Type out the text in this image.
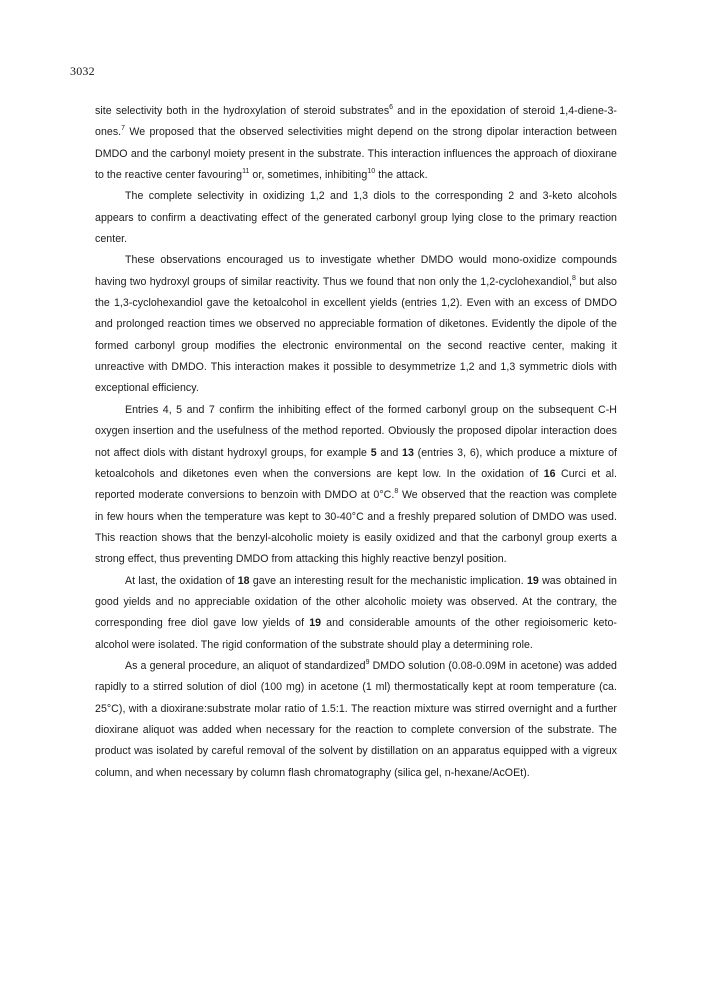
3032

site selectivity both in the hydroxylation of steroid substrates$^6$ and in the epoxidation of steroid 1,4-diene-3-ones.$^7$ We proposed that the observed selectivities might depend on the strong dipolar interaction between DMDO and the carbonyl moiety present in the substrate. This interaction influences the approach of dioxirane to the reactive center favouring$^{11}$ or, sometimes, inhibiting$^{10}$ the attack.

The complete selectivity in oxidizing 1,2 and 1,3 diols to the corresponding 2 and 3-keto alcohols appears to confirm a deactivating effect of the generated carbonyl group lying close to the primary reaction center.

These observations encouraged us to investigate whether DMDO would mono-oxidize compounds having two hydroxyl groups of similar reactivity. Thus we found that non only the 1,2-cyclohexandiol,$^8$ but also the 1,3-cyclohexandiol gave the ketoalcohol in excellent yields (entries 1,2). Even with an excess of DMDO and prolonged reaction times we observed no appreciable formation of diketones. Evidently the dipole of the formed carbonyl group modifies the electronic environmental on the second reactive center, making it unreactive with DMDO. This interaction makes it possible to desymmetrize 1,2 and 1,3 symmetric diols with exceptional efficiency.

Entries 4, 5 and 7 confirm the inhibiting effect of the formed carbonyl group on the subsequent C-H oxygen insertion and the usefulness of the method reported. Obviously the proposed dipolar interaction does not affect diols with distant hydroxyl groups, for example 5 and 13 (entries 3, 6), which produce a mixture of ketoalcohols and diketones even when the conversions are kept low. In the oxidation of 16 Curci et al. reported moderate conversions to benzoin with DMDO at 0°C.$^8$ We observed that the reaction was complete in few hours when the temperature was kept to 30-40°C and a freshly prepared solution of DMDO was used. This reaction shows that the benzyl-alcoholic moiety is easily oxidized and that the carbonyl group exerts a strong effect, thus preventing DMDO from attacking this highly reactive benzyl position.

At last, the oxidation of 18 gave an interesting result for the mechanistic implication. 19 was obtained in good yields and no appreciable oxidation of the other alcoholic moiety was observed. At the contrary, the corresponding free diol gave low yields of 19 and considerable amounts of the other regioisomeric keto-alcohol were isolated. The rigid conformation of the substrate should play a determining role.

As a general procedure, an aliquot of standardized$^9$ DMDO solution (0.08-0.09M in acetone) was added rapidly to a stirred solution of diol (100 mg) in acetone (1 ml) thermostatically kept at room temperature (ca. 25°C), with a dioxirane:substrate molar ratio of 1.5:1. The reaction mixture was stirred overnight and a further dioxirane aliquot was added when necessary for the reaction to complete conversion of the substrate. The product was isolated by careful removal of the solvent by distillation on an apparatus equipped with a vigreux column, and when necessary by column flash chromatography (silica gel, n-hexane/AcOEt).
